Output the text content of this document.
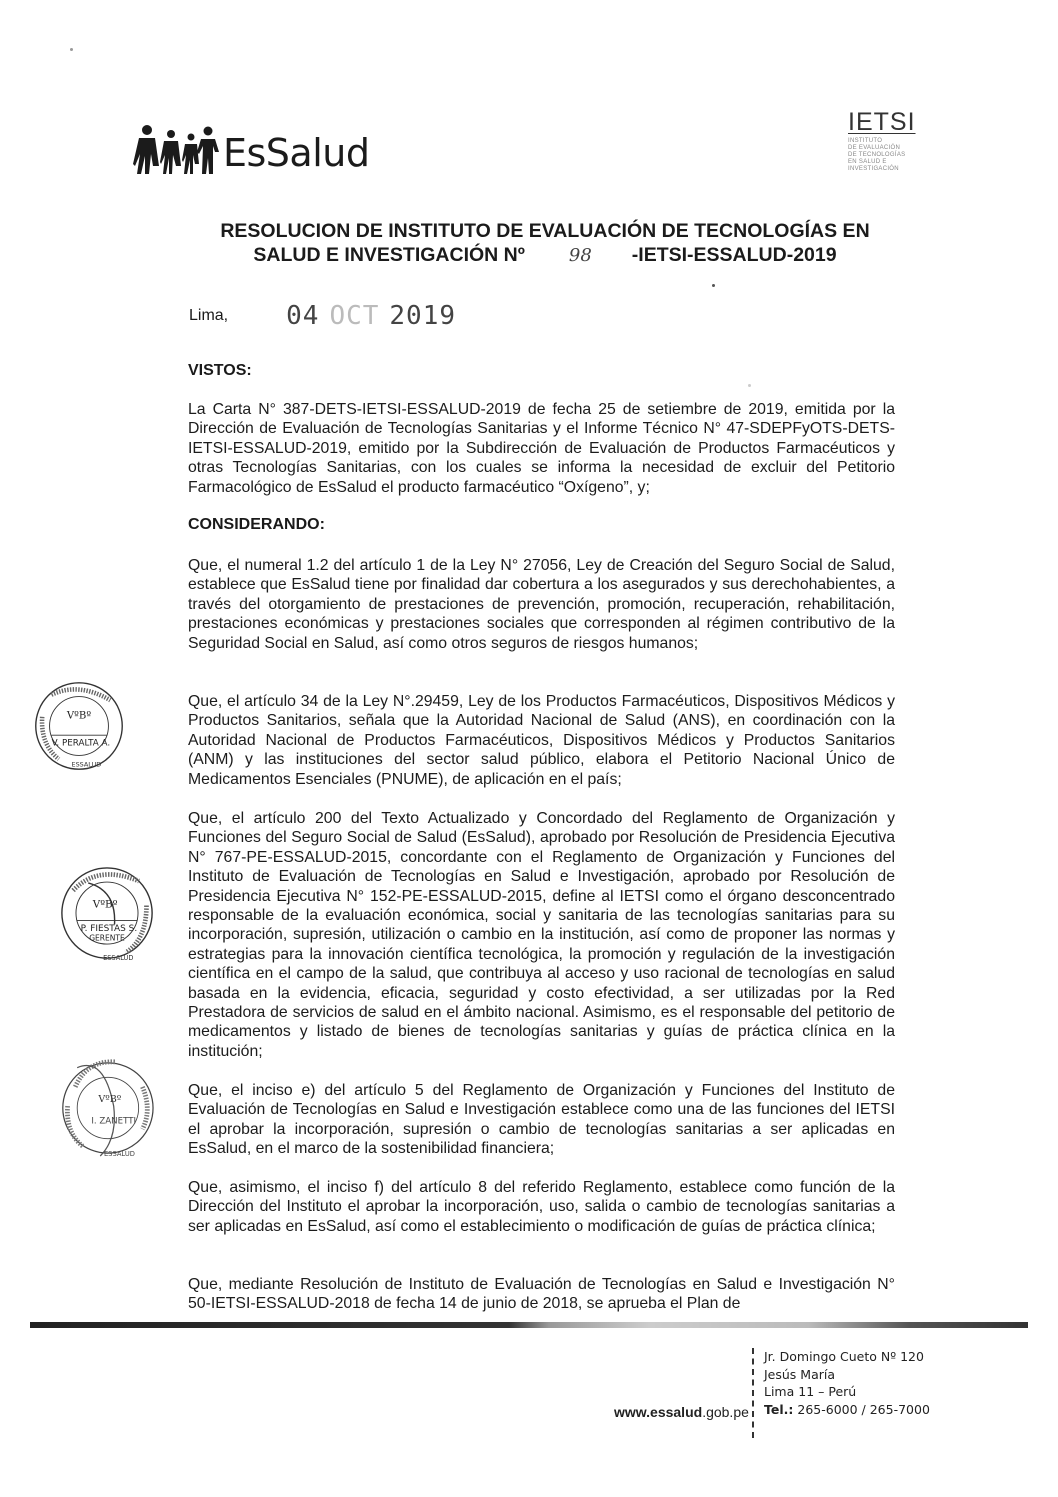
EsSalud
IETSI
INSTITUTO
DE EVALUACIÓN
DE TECNOLOGÍAS
EN SALUD E
INVESTIGACIÓN
RESOLUCION DE INSTITUTO DE EVALUACIÓN DE TECNOLOGÍAS EN
SALUD E INVESTIGACIÓN Nº 98 -IETSI-ESSALUD-2019
Lima, 04 OCT 2019
VISTOS:
La Carta N° 387-DETS-IETSI-ESSALUD-2019 de fecha 25 de setiembre de 2019, emitida por la Dirección de Evaluación de Tecnologías Sanitarias y el Informe Técnico N° 47-SDEPFyOTS-DETS-IETSI-ESSALUD-2019, emitido por la Subdirección de Evaluación de Productos Farmacéuticos y otras Tecnologías Sanitarias, con los cuales se informa la necesidad de excluir del Petitorio Farmacológico de EsSalud el producto farmacéutico “Oxígeno”, y;
CONSIDERANDO:
Que, el numeral 1.2 del artículo 1 de la Ley N° 27056, Ley de Creación del Seguro Social de Salud, establece que EsSalud tiene por finalidad dar cobertura a los asegurados y sus derechohabientes, a través del otorgamiento de prestaciones de prevención, promoción, recuperación, rehabilitación, prestaciones económicas y prestaciones sociales que corresponden al régimen contributivo de la Seguridad Social en Salud, así como otros seguros de riesgos humanos;
Que, el artículo 34 de la Ley N°.29459, Ley de los Productos Farmacéuticos, Dispositivos Médicos y Productos Sanitarios, señala que la Autoridad Nacional de Salud (ANS), en coordinación con la Autoridad Nacional de Productos Farmacéuticos, Dispositivos Médicos y Productos Sanitarios (ANM) y las instituciones del sector salud público, elabora el Petitorio Nacional Único de Medicamentos Esenciales (PNUME), de aplicación en el país;
Que, el artículo 200 del Texto Actualizado y Concordado del Reglamento de Organización y Funciones del Seguro Social de Salud (EsSalud), aprobado por Resolución de Presidencia Ejecutiva N° 767-PE-ESSALUD-2015, concordante con el Reglamento de Organización y Funciones del Instituto de Evaluación de Tecnologías en Salud e Investigación, aprobado por Resolución de Presidencia Ejecutiva N° 152-PE-ESSALUD-2015, define al IETSI como el órgano desconcentrado responsable de la evaluación económica, social y sanitaria de las tecnologías sanitarias para su incorporación, supresión, utilización o cambio en la institución, así como de proponer las normas y estrategias para la innovación científica tecnológica, la promoción y regulación de la investigación científica en el campo de la salud, que contribuya al acceso y uso racional de tecnologías en salud basada en la evidencia, eficacia, seguridad y costo efectividad, a ser utilizadas por la Red Prestadora de servicios de salud en el ámbito nacional. Asimismo, es el responsable del petitorio de medicamentos y listado de bienes de tecnologías sanitarias y guías de práctica clínica en la institución;
Que, el inciso e) del artículo 5 del Reglamento de Organización y Funciones del Instituto de Evaluación de Tecnologías en Salud e Investigación establece como una de las funciones del IETSI el aprobar la incorporación, supresión o cambio de tecnologías sanitarias a ser aplicadas en EsSalud, en el marco de la sostenibilidad financiera;
Que, asimismo, el inciso f) del artículo 8 del referido Reglamento, establece como función de la Dirección del Instituto el aprobar la incorporación, uso, salida o cambio de tecnologías sanitarias a ser aplicadas en EsSalud, así como el establecimiento o modificación de guías de práctica clínica;
Que, mediante Resolución de Instituto de Evaluación de Tecnologías en Salud e Investigación N° 50-IETSI-ESSALUD-2018 de fecha 14 de junio de 2018, se aprueba el Plan de
VºBº
V. PERALTA A.
ESSALUD
VºBº
P. FIESTAS S.
GERENTE
ESSALUD
VºBº
I. ZANETTI
ESSALUD
www.essalud.gob.pe
Jr. Domingo Cueto Nº 120
Jesús María
Lima 11 – Perú
Tel.: 265-6000 / 265-7000
